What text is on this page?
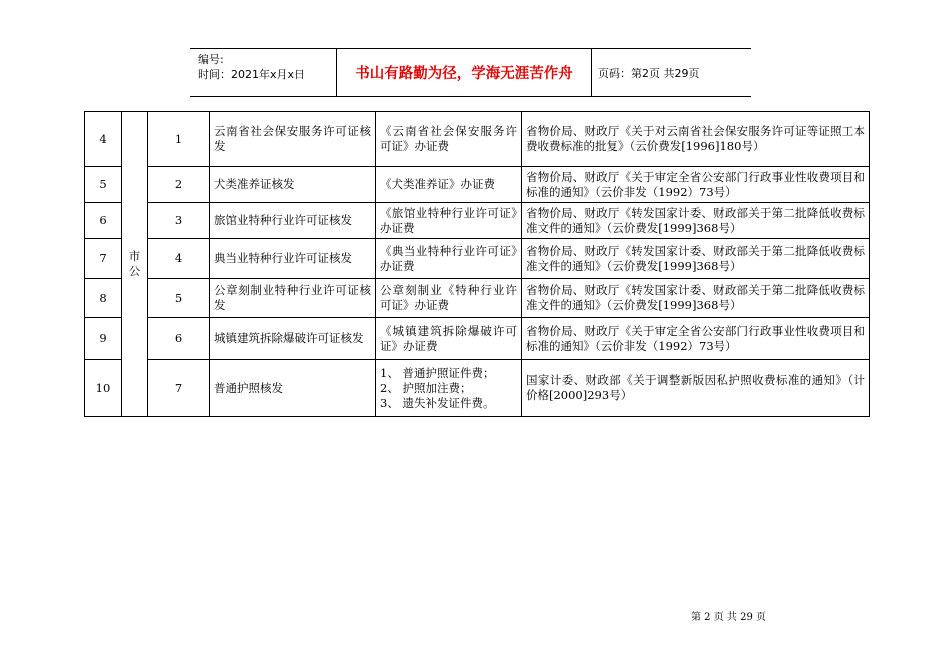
编号:
时间：2021年x月x日	书山有路勤为径，学海无涯苦作舟	页码：第2页 共29页
4	市公	1	云南省社会保安服务许可证核发	《云南省社会保安服务许可证》办证费	省物价局、财政厅《关于对云南省社会保安服务许可证等证照工本费收费标准的批复》（云价费发[1996]180号）
5		2	犬类准养证核发	《犬类准养证》办证费	省物价局、财政厅《关于审定全省公安部门行政事业性收费项目和标准的通知》（云价非发（1992）73号）
6		3	旅馆业特种行业许可证核发	《旅馆业特种行业许可证》办证费	省物价局、财政厅《转发国家计委、财政部关于第二批降低收费标准文件的通知》（云价费发[1999]368号）
7		4	典当业特种行业许可证核发	《典当业特种行业许可证》办证费	省物价局、财政厅《转发国家计委、财政部关于第二批降低收费标准文件的通知》（云价费发[1999]368号）
8		5	公章刻制业特种行业许可证核发	公章刻制业《特种行业许可证》办证费	省物价局、财政厅《转发国家计委、财政部关于第二批降低收费标准文件的通知》（云价费发[1999]368号）
9		6	城镇建筑拆除爆破许可证核发	《城镇建筑拆除爆破许可证》办证费	省物价局、财政厅《关于审定全省公安部门行政事业性收费项目和标准的通知》（云价非发（1992）73号）
10		7	普通护照核发	1、 普通护照证件费；
2、 护照加注费；
3、 遗失补发证件费。	国家计委、财政部《关于调整新版因私护照收费标准的通知》（计价格[2000]293号）
第 2 页 共 29 页
